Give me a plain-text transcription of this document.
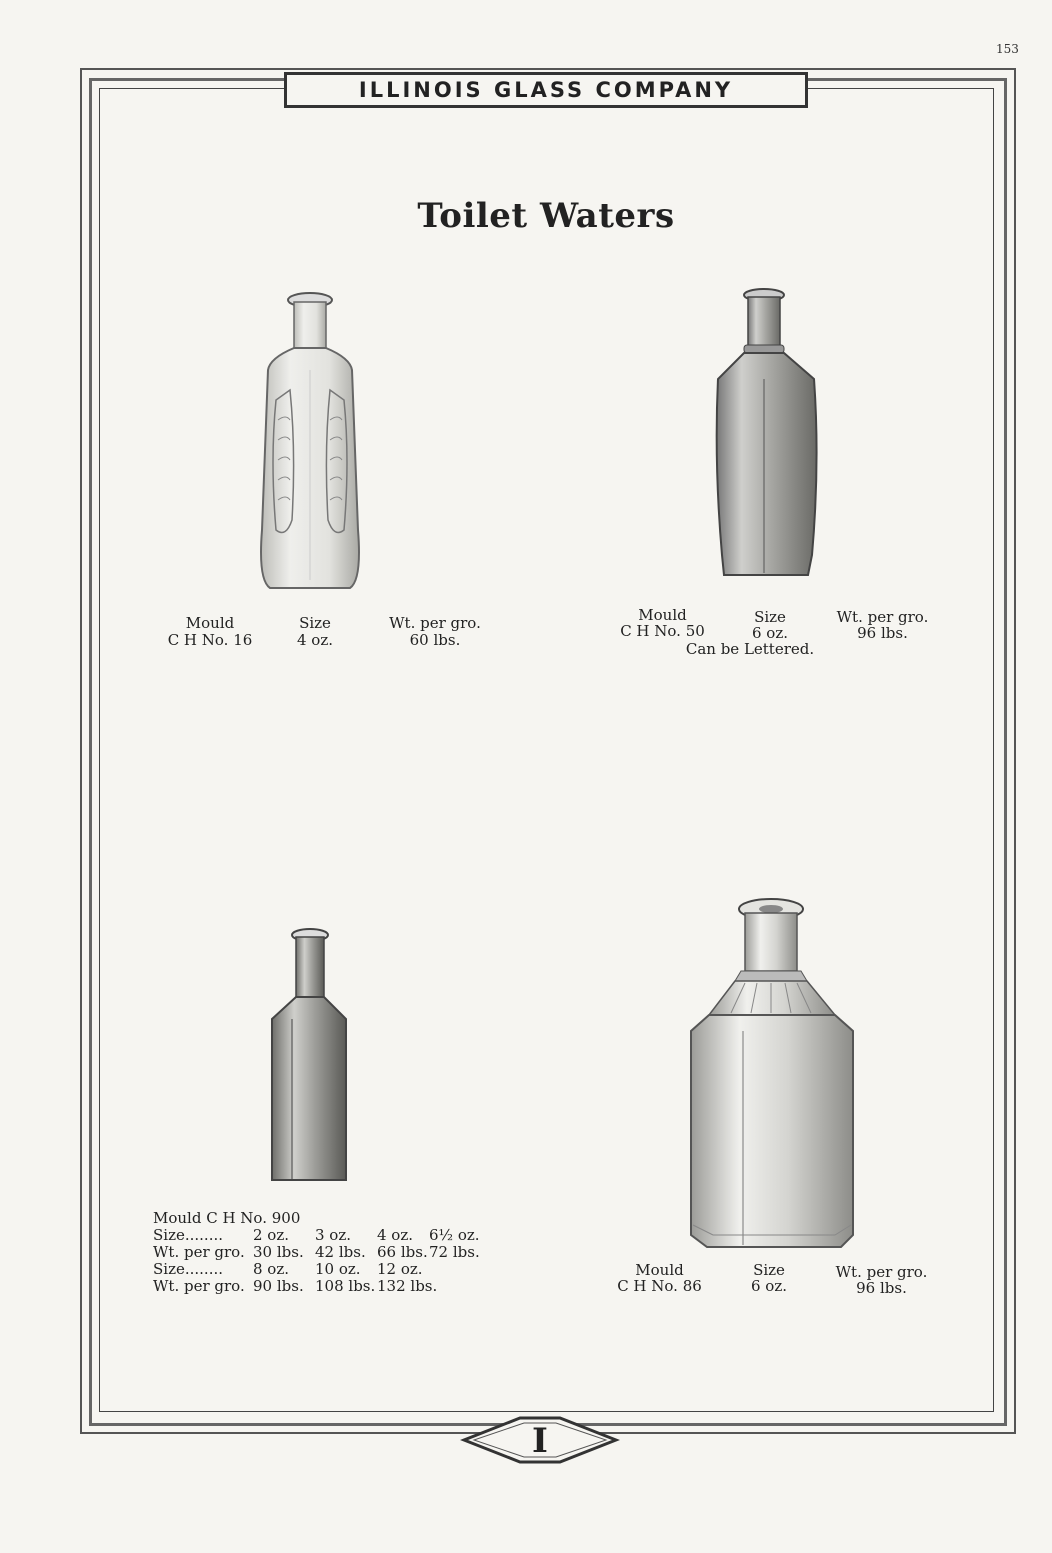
153
ILLINOIS GLASS COMPANY
Toilet Waters
Mould
C H No. 16
Size
4 oz.
Wt. per gro.
60 lbs.
Mould
C H No. 50
Size
6 oz.
Wt. per gro.
96 lbs.
Can be Lettered.
Mould C H No. 900
Size........ 2 oz. 3 oz. 4 oz. 6½ oz.
Wt. per gro. 30 lbs. 42 lbs. 66 lbs.72 lbs.
Size........ 8 oz. 10 oz. 12 oz.
Wt. per gro. 90 lbs. 108 lbs. 132 lbs.
Mould
C H No. 86
Size
6 oz.
Wt. per gro.
96 lbs.
I
